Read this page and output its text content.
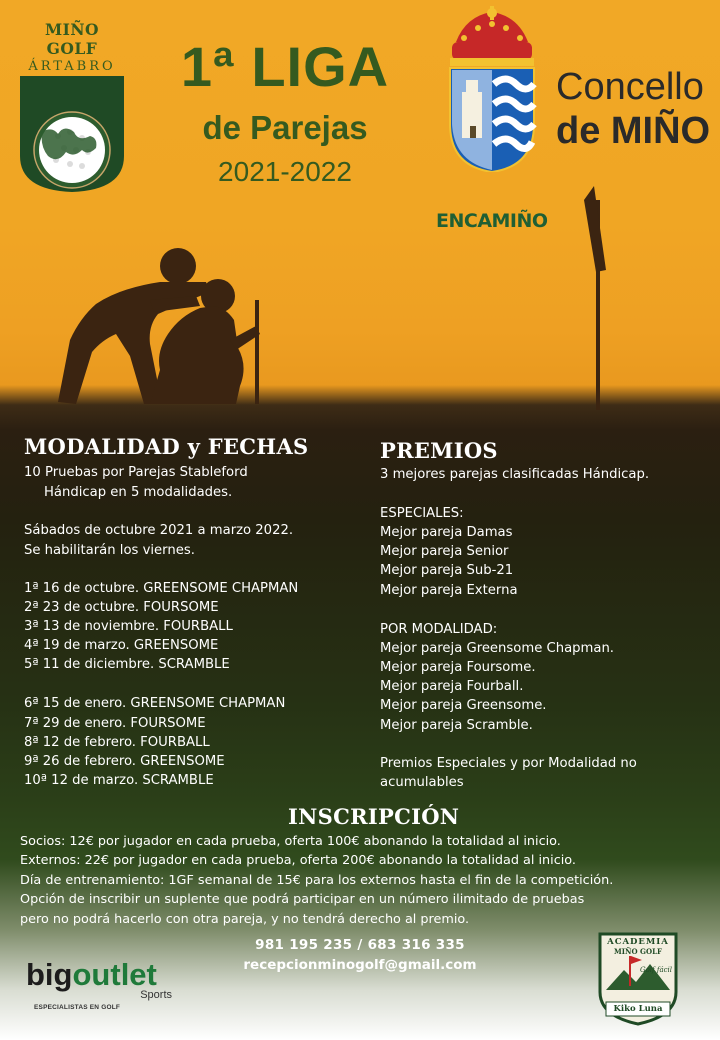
MIÑO GOLF
ÁRTABRO	1ª LIGA
de Parejas
2021-2022
Concello
de MIÑO
ENCAMIÑO
MODALIDAD y FECHAS
10 Pruebas por Parejas Stableford
Hándicap en 5 modalidades.
Sábados de octubre 2021 a marzo 2022.
Se habilitarán los viernes.
1ª 16 de octubre. GREENSOME CHAPMAN
2ª 23 de octubre. FOURSOME
3ª 13 de noviembre. FOURBALL
4ª 19 de marzo. GREENSOME
5ª 11 de diciembre. SCRAMBLE
6ª 15 de enero. GREENSOME CHAPMAN
7ª 29 de enero. FOURSOME
8ª 12 de febrero. FOURBALL
9ª 26 de febrero. GREENSOME
10ª 12 de marzo. SCRAMBLE
PREMIOS
3 mejores parejas clasificadas Hándicap.
ESPECIALES:
Mejor pareja Damas
Mejor pareja Senior
Mejor pareja Sub-21
Mejor pareja Externa
POR MODALIDAD:
Mejor pareja Greensome Chapman.
Mejor pareja Foursome.
Mejor pareja Fourball.
Mejor pareja Greensome.
Mejor pareja Scramble.
Premios Especiales y por Modalidad no
acumulables
INSCRIPCIÓN
Socios: 12€ por jugador en cada prueba, oferta 100€ abonando la totalidad al inicio.
Externos: 22€ por jugador en cada prueba, oferta 200€ abonando la totalidad al inicio.
Día de entrenamiento: 1GF semanal de 15€ para los externos hasta el fin de la competición.
Opción de inscribir un suplente que podrá participar en un número ilimitado de pruebas
pero no podrá hacerlo con otra pareja, y no tendrá derecho al premio.
981 195 235 / 683 316 335
recepcionminogolf@gmail.com
bigoutlet
Sports
ESPECIALISTAS EN GOLF
ACADEMIA
MIÑO GOLF
Golf fácil
Kiko Luna
